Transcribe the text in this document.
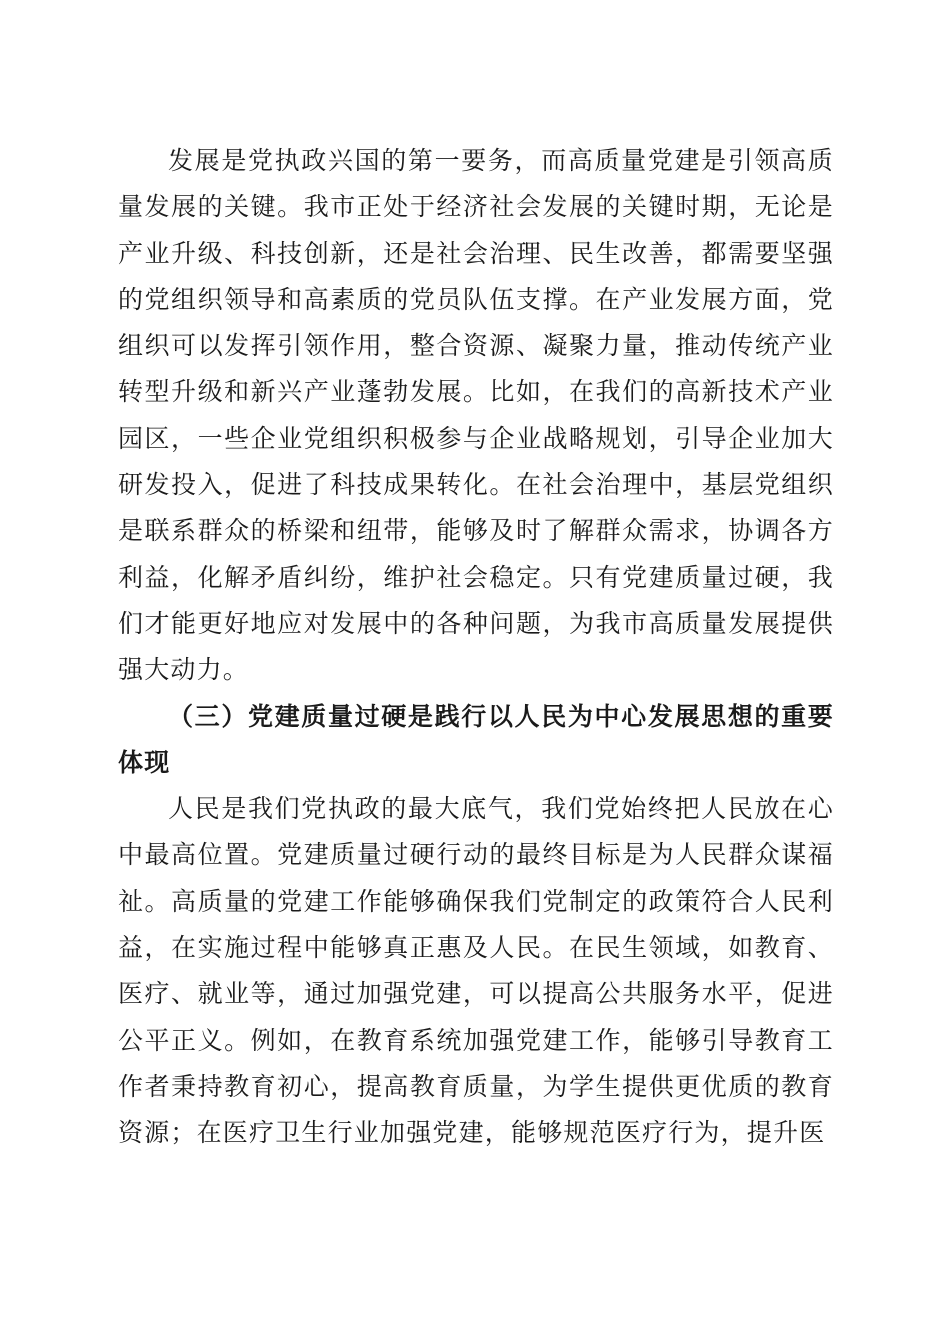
发展是党执政兴国的第一要务，而高质量党建是引领高质量发展的关键。我市正处于经济社会发展的关键时期，无论是产业升级、科技创新，还是社会治理、民生改善，都需要坚强的党组织领导和高素质的党员队伍支撑。在产业发展方面，党组织可以发挥引领作用，整合资源、凝聚力量，推动传统产业转型升级和新兴产业蓬勃发展。比如，在我们的高新技术产业园区，一些企业党组织积极参与企业战略规划，引导企业加大研发投入，促进了科技成果转化。在社会治理中，基层党组织是联系群众的桥梁和纽带，能够及时了解群众需求，协调各方利益，化解矛盾纠纷，维护社会稳定。只有党建质量过硬，我们才能更好地应对发展中的各种问题，为我市高质量发展提供强大动力。

（三）党建质量过硬是践行以人民为中心发展思想的重要体现

人民是我们党执政的最大底气，我们党始终把人民放在心中最高位置。党建质量过硬行动的最终目标是为人民群众谋福祉。高质量的党建工作能够确保我们党制定的政策符合人民利益，在实施过程中能够真正惠及人民。在民生领域，如教育、医疗、就业等，通过加强党建，可以提高公共服务水平，促进公平正义。例如，在教育系统加强党建工作，能够引导教育工作者秉持教育初心，提高教育质量，为学生提供更优质的教育资源；在医疗卫生行业加强党建，能够规范医疗行为，提升医
